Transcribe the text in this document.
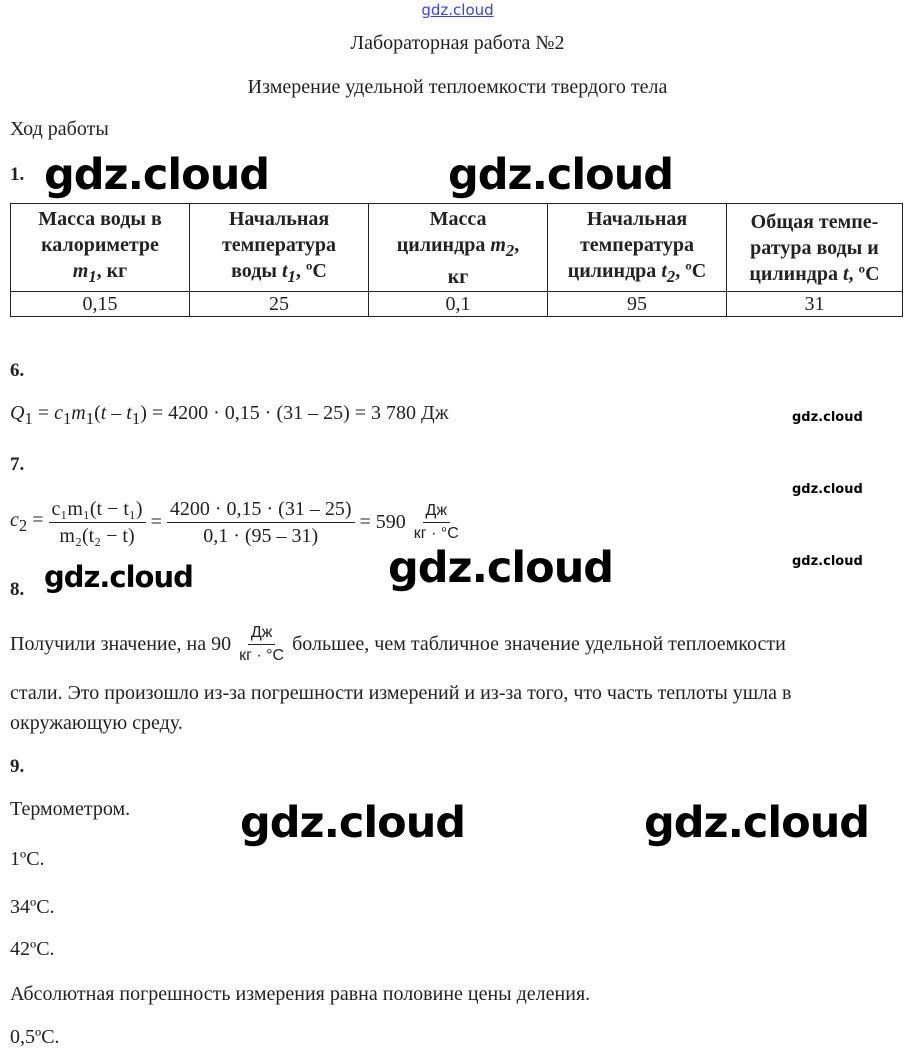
gdz.cloud
Лабораторная работа №2
Измерение удельной теплоемкости твердого тела
Ход работы
1. gdz.cloud	gdz.cloud
Масса воды в
калориметре
$m_1$, кг	Начальная
температура
воды $t_1$, ºС	Масса
цилиндра $m_2$,
кг	Начальная
температура
цилиндра $t_2$, ºС	Общая темпе-
ратура воды и
цилиндра t, ºС
0,15	25	0,1	95	31
6.
$Q_1 = c_1m_1(t - t_1) = 4200 \cdot 0,15 \cdot (31 - 25) = 3$ 780 Дж	gdz.cloud
7.
gdz.cloud
$c_2 = \frac{\text{c₁m₁(t − t₁)}}{\text{m₂(t₂ − t)}} = \frac{4200 \cdot 0,15 \cdot (31 - 25)}{0,1 \cdot (95 - 31)} = 590 \frac{Дж}{кг \cdot ^\circ С}$
gdz.cloud
gdz.cloud	gdz.cloud
8.
Получили значение, на $90 \frac{Дж}{кг \cdot ^\circ С}$ большее, чем табличное значение удельной теплоемкости
стали. Это произошло из-за погрешности измерений и из-за того, что часть теплоты ушла в
окружающую среду.
9.
Термометром.	gdz.cloud	gdz.cloud
1ºС.
34ºС.
42ºС.
Абсолютная погрешность измерения равна половине цены деления.
0,5ºС.
